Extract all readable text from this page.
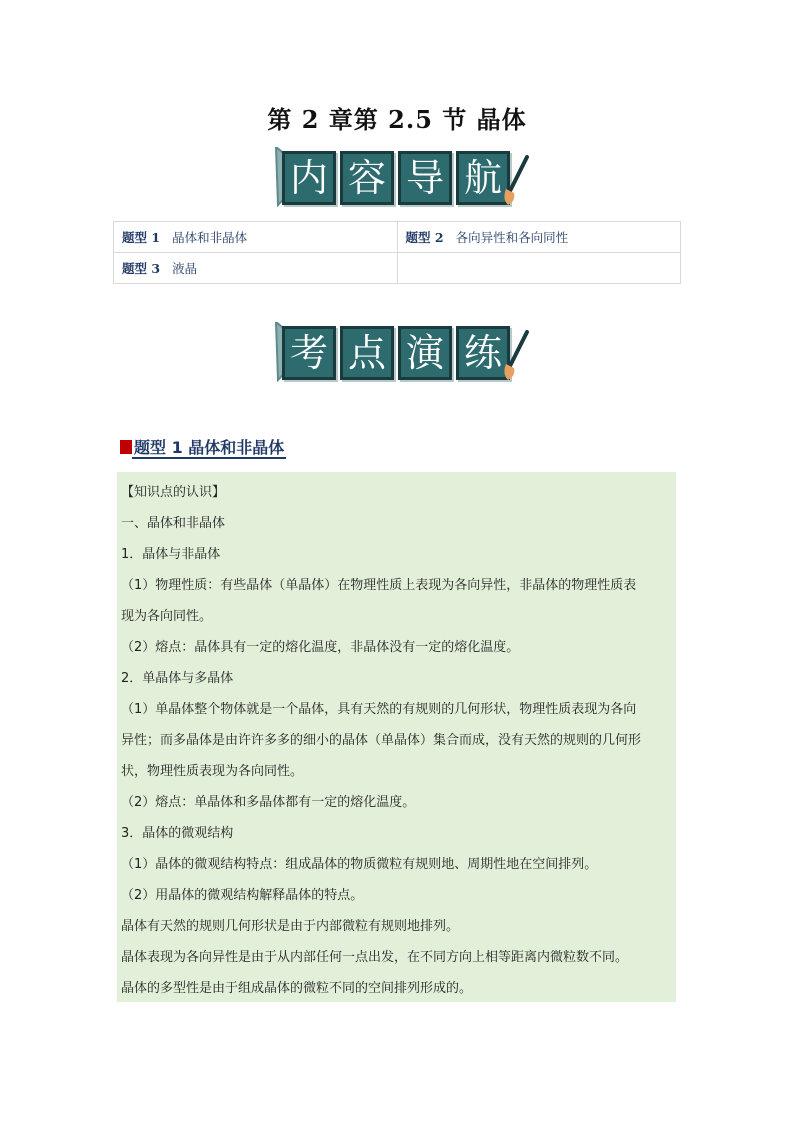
第 2 章第 2.5 节 晶体
内 容 导 航
题型 1 晶体和非晶体	题型 2 各向异性和各向同性
题型 3 液晶	
考 点 演 练
题型 1 晶体和非晶体

【知识点的认识】

一、晶体和非晶体

1．晶体与非晶体

（1）物理性质：有些晶体（单晶体）在物理性质上表现为各向异性，非晶体的物理性质表

现为各向同性。

（2）熔点：晶体具有一定的熔化温度，非晶体没有一定的熔化温度。

2．单晶体与多晶体

（1）单晶体整个物体就是一个晶体，具有天然的有规则的几何形状，物理性质表现为各向

异性；而多晶体是由许许多多的细小的晶体（单晶体）集合而成，没有天然的规则的几何形

状，物理性质表现为各向同性。

（2）熔点：单晶体和多晶体都有一定的熔化温度。

3．晶体的微观结构

（1）晶体的微观结构特点：组成晶体的物质微粒有规则地、周期性地在空间排列。

（2）用晶体的微观结构解释晶体的特点。

晶体有天然的规则几何形状是由于内部微粒有规则地排列。

晶体表现为各向异性是由于从内部任何一点出发，在不同方向上相等距离内微粒数不同。

晶体的多型性是由于组成晶体的微粒不同的空间排列形成的。
